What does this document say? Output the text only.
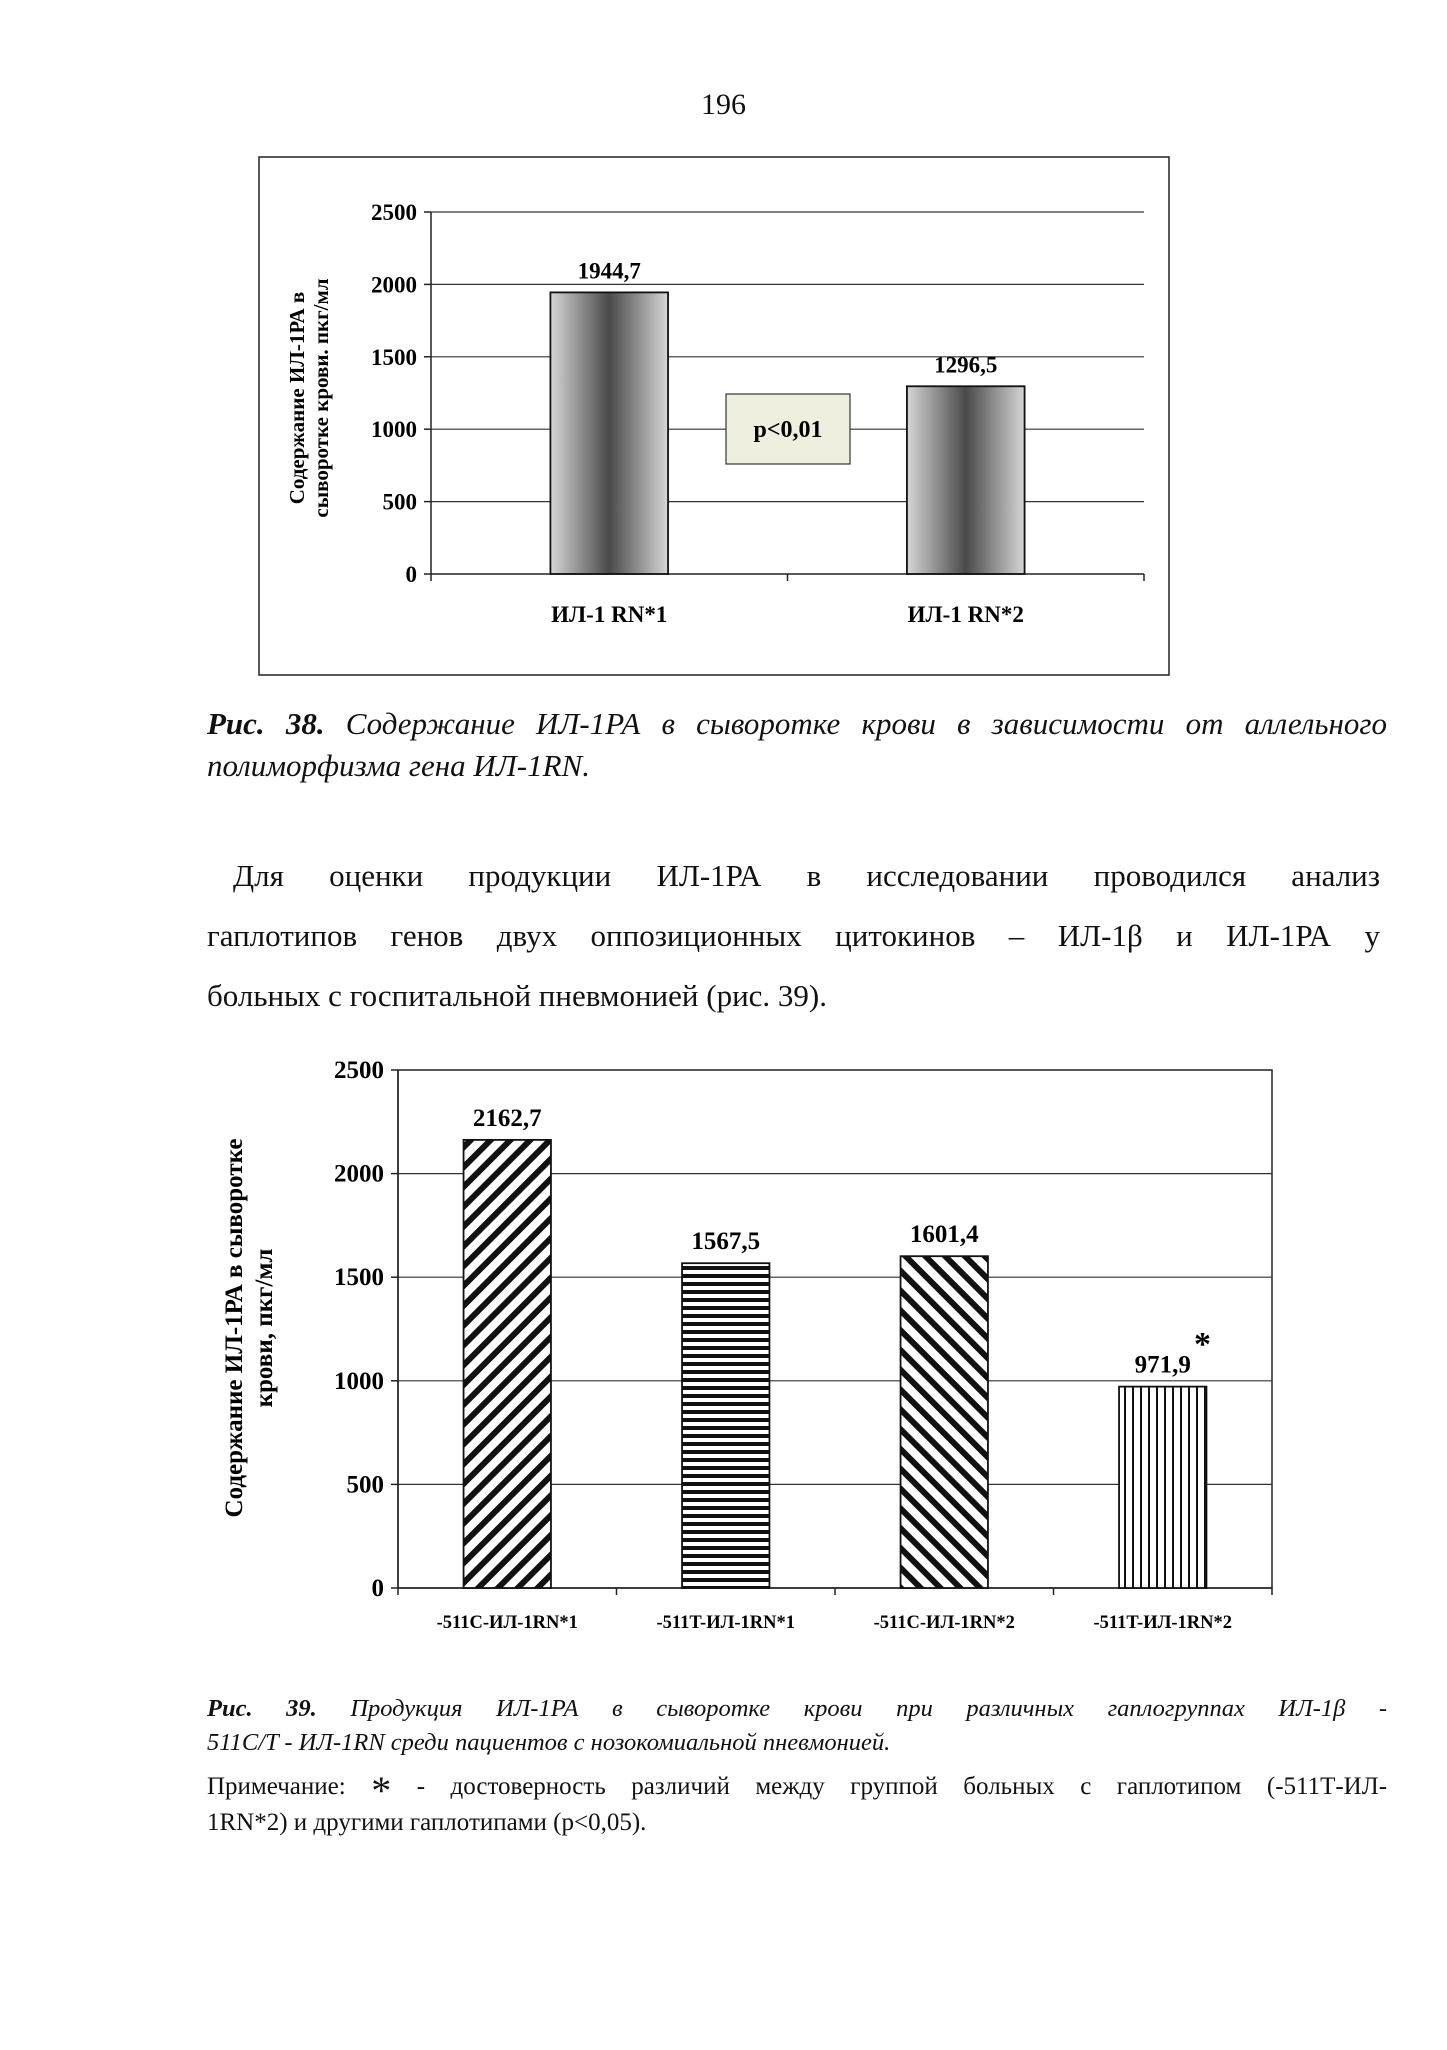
196
0
500
1000
1500
2000
2500
1944,7
ИЛ-1 RN*1
1296,5
ИЛ-1 RN*2
p<0,01
Содержание ИЛ-1РА в сыворотке крови. пкг/мл
Рис. 38. Содержание ИЛ-1РА в сыворотке крови в зависимости от аллельного
полиморфизма гена ИЛ-1RN.
Для оценки продукции ИЛ-1РА в исследовании проводился анализ
гаплотипов генов двух оппозиционных цитокинов – ИЛ-1β и ИЛ-1РА у
больных с госпитальной пневмонией (рис. 39).
0
500
1000
1500
2000
2500
2162,7
-511C-ИЛ-1RN*1
1567,5
-511T-ИЛ-1RN*1
1601,4
-511C-ИЛ-1RN*2
971,9
-511T-ИЛ-1RN*2
*
Содержание ИЛ-1РА в сыворотке крови, пкг/мл
Рис. 39. Продукция ИЛ-1РА в сыворотке крови при различных гаплогруппах ИЛ-1β -
511C/T - ИЛ-1RN среди пациентов с нозокомиальной пневмонией.
Примечание: * - достоверность различий между группой больных с гаплотипом (-511Т-ИЛ-
1RN*2) и другими гаплотипами (р<0,05).
